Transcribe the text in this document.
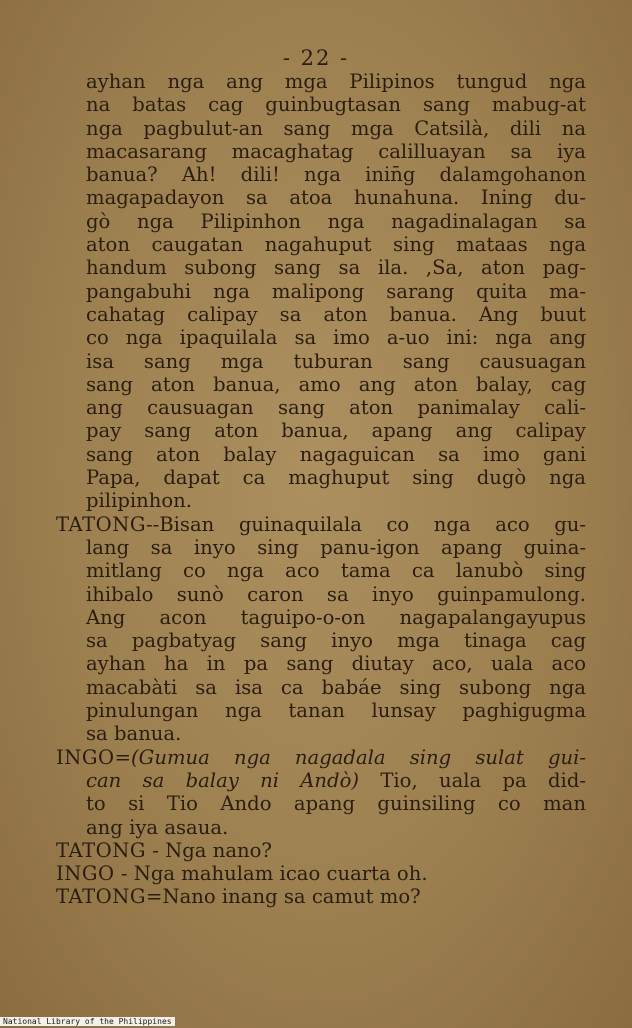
- 22 -
ayhan nga ang mga Pilipinos tungud nga
na batas cag guinbugtasan sang mabug-at
nga pagbulut-an sang mga Catsilà, dili na
macasarang macaghatag calilluayan sa iya
banua? Ah! dili! nga inin̄g dalamgohanon
magapadayon sa atoa hunahuna. Ining du-
gò nga Pilipinhon nga nagadinalagan sa
aton caugatan nagahuput sing mataas nga
handum subong sang sa ila. ,Sa, aton pag-
pangabuhi nga malipong sarang quita ma-
cahatag calipay sa aton banua. Ang buut
co nga ipaquilala sa imo a-uo ini: nga ang
isa sang mga tuburan sang causuagan
sang aton banua, amo ang aton balay, cag
ang causuagan sang aton panimalay cali-
pay sang aton banua, apang ang calipay
sang aton balay nagaguican sa imo gani
Papa, dapat ca maghuput sing dugò nga
pilipinhon.
TATONG--Bisan guinaquilala co nga aco gu-
lang sa inyo sing panu-igon apang guina-
mitlang co nga aco tama ca lanubò sing
ihibalo sunò caron sa inyo guinpamulong.
Ang acon taguipo-o-on nagapalangayupus
sa pagbatyag sang inyo mga tinaga cag
ayhan ha in pa sang diutay aco, uala aco
macabàti sa isa ca babáe sing subong nga
pinulungan nga tanan lunsay paghigugma
sa banua.
INGO=(Gumua nga nagadala sing sulat gui-
can sa balay ni Andò) Tio, uala pa did-
to si Tio Ando apang guinsiling co man
ang iya asaua.
TATONG - Nga nano?
INGO - Nga mahulam icao cuarta oh.
TATONG=Nano inang sa camut mo?
National Library of the Philippines
